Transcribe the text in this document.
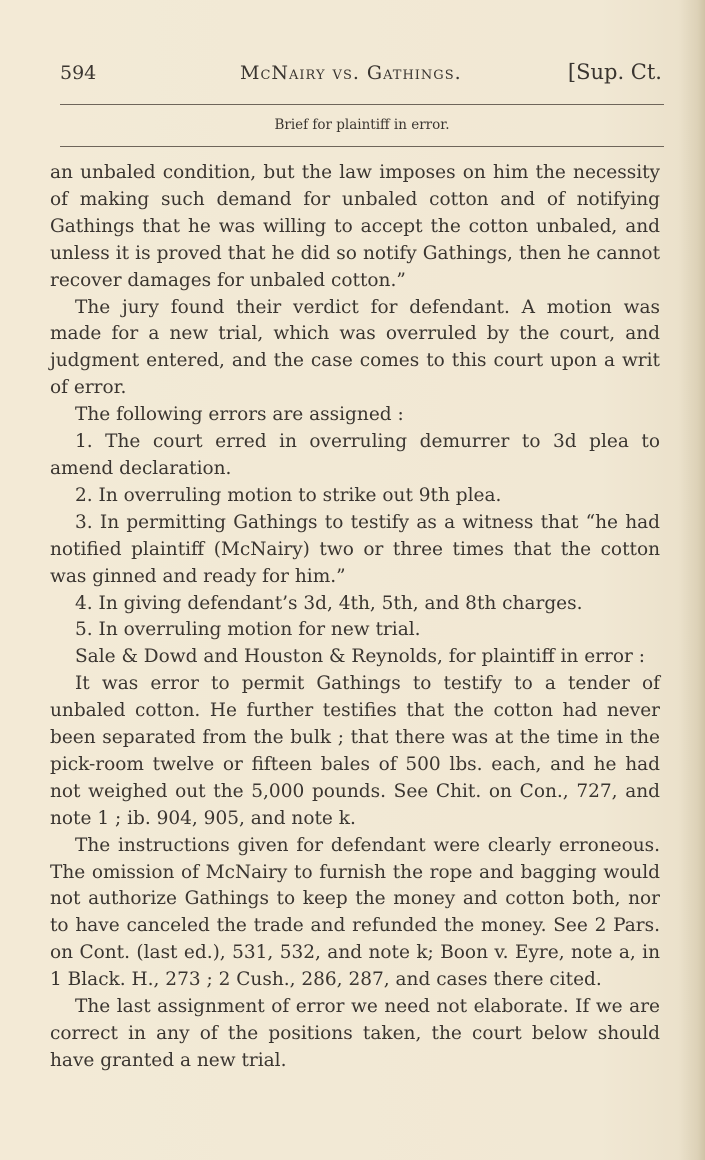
594	McNairy vs. Gathings.	[Sup. Ct.
Brief for plaintiff in error.

an unbaled condition, but the law imposes on him the necessity of making such demand for unbaled cotton and of notifying Gathings that he was willing to accept the cotton unbaled, and unless it is proved that he did so notify Gathings, then he cannot recover damages for unbaled cotton.”

The jury found their verdict for defendant. A motion was made for a new trial, which was overruled by the court, and judgment entered, and the case comes to this court upon a writ of error.

The following errors are assigned :

1. The court erred in overruling demurrer to 3d plea to amend declaration.

2. In overruling motion to strike out 9th plea.

3. In permitting Gathings to testify as a witness that “he had notified plaintiff (McNairy) two or three times that the cotton was ginned and ready for him.”

4. In giving defendant’s 3d, 4th, 5th, and 8th charges.

5. In overruling motion for new trial.

Sale & Dowd and Houston & Reynolds, for plaintiff in error :

It was error to permit Gathings to testify to a tender of unbaled cotton. He further testifies that the cotton had never been separated from the bulk ; that there was at the time in the pick-room twelve or fifteen bales of 500 lbs. each, and he had not weighed out the 5,000 pounds. See Chit. on Con., 727, and note 1 ; ib. 904, 905, and note k.

The instructions given for defendant were clearly erroneous. The omission of McNairy to furnish the rope and bagging would not authorize Gathings to keep the money and cotton both, nor to have canceled the trade and refunded the money. See 2 Pars. on Cont. (last ed.), 531, 532, and note k; Boon v. Eyre, note a, in 1 Black. H., 273 ; 2 Cush., 286, 287, and cases there cited.

The last assignment of error we need not elaborate. If we are correct in any of the positions taken, the court below should have granted a new trial.
